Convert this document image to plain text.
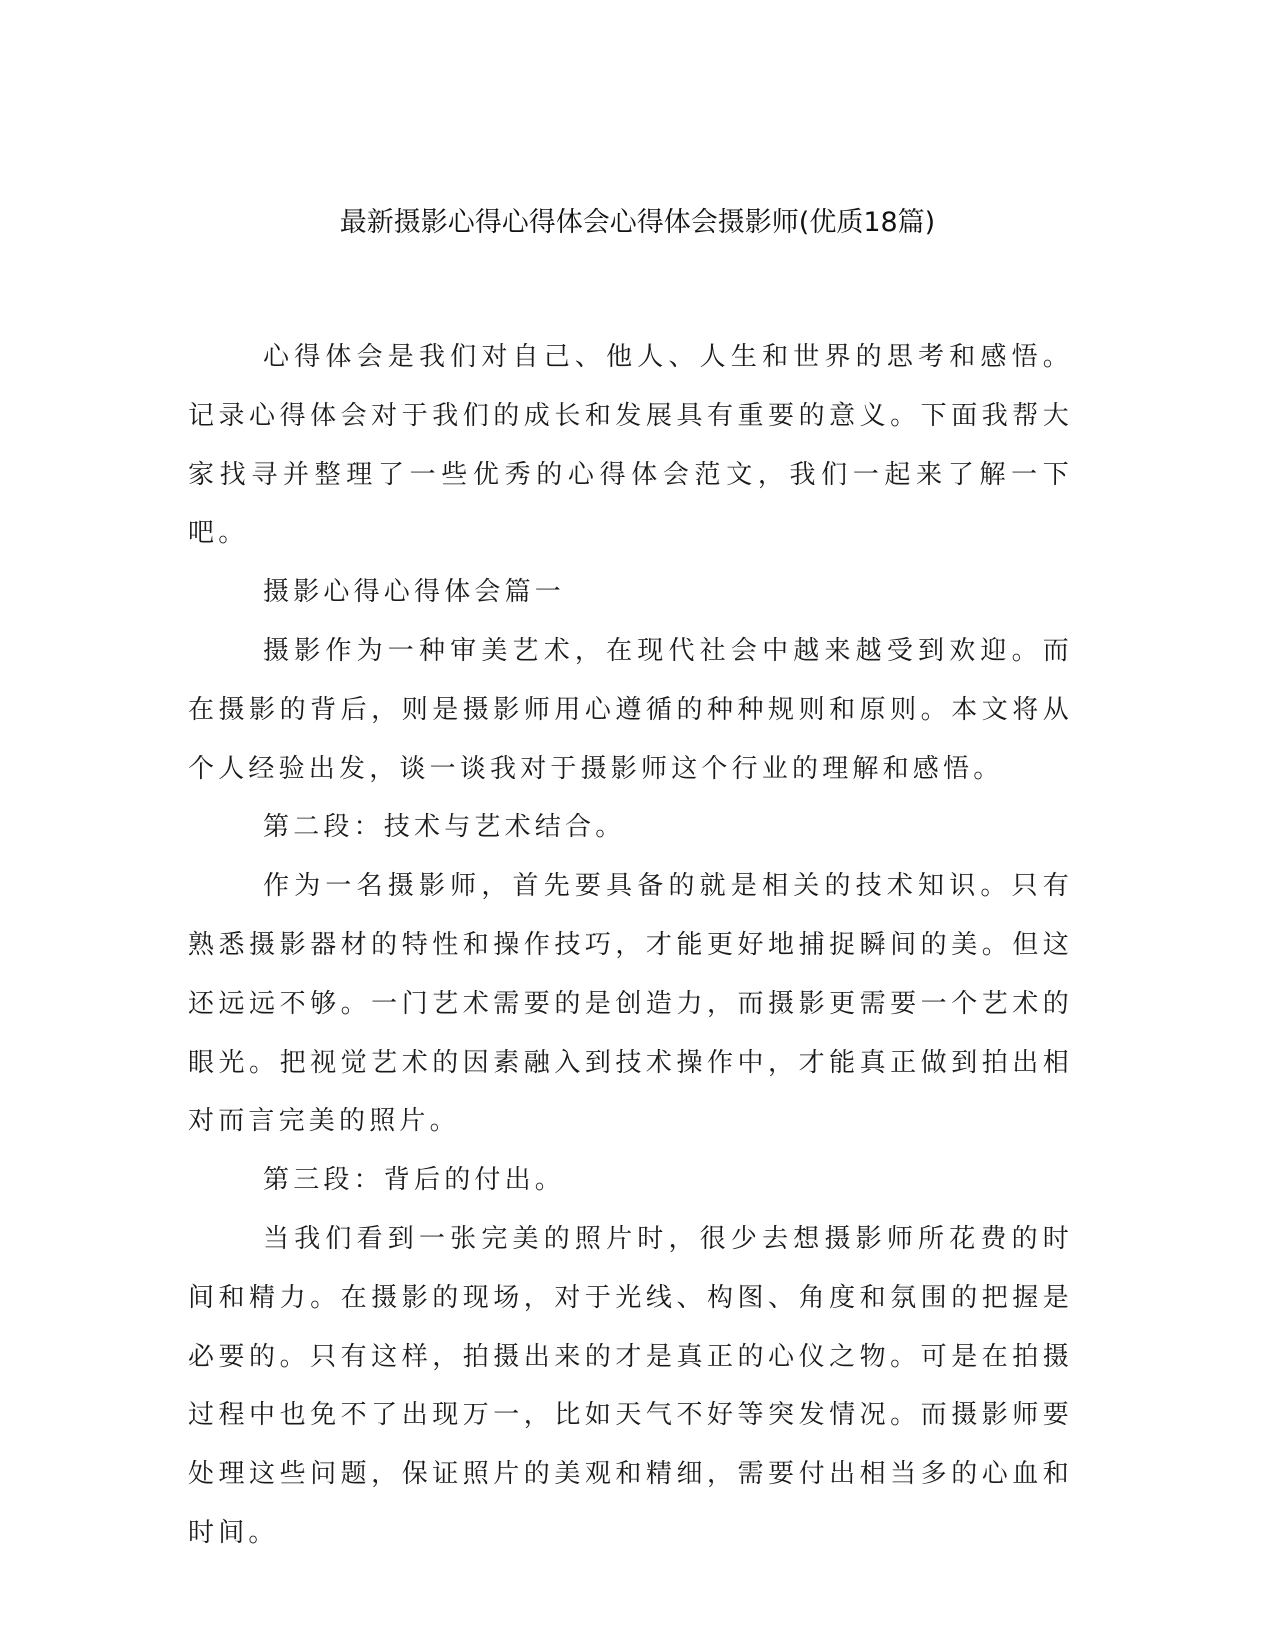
最新摄影心得心得体会心得体会摄影师(优质18篇)

心得体会是我们对自己、他人、人生和世界的思考和感悟。记录心得体会对于我们的成长和发展具有重要的意义。下面我帮大家找寻并整理了一些优秀的心得体会范文，我们一起来了解一下吧。

摄影心得心得体会篇一

摄影作为一种审美艺术，在现代社会中越来越受到欢迎。而在摄影的背后，则是摄影师用心遵循的种种规则和原则。本文将从个人经验出发，谈一谈我对于摄影师这个行业的理解和感悟。

第二段：技术与艺术结合。

作为一名摄影师，首先要具备的就是相关的技术知识。只有熟悉摄影器材的特性和操作技巧，才能更好地捕捉瞬间的美。但这还远远不够。一门艺术需要的是创造力，而摄影更需要一个艺术的眼光。把视觉艺术的因素融入到技术操作中，才能真正做到拍出相对而言完美的照片。

第三段：背后的付出。

当我们看到一张完美的照片时，很少去想摄影师所花费的时间和精力。在摄影的现场，对于光线、构图、角度和氛围的把握是必要的。只有这样，拍摄出来的才是真正的心仪之物。可是在拍摄过程中也免不了出现万一，比如天气不好等突发情况。而摄影师要处理这些问题，保证照片的美观和精细，需要付出相当多的心血和时间。
